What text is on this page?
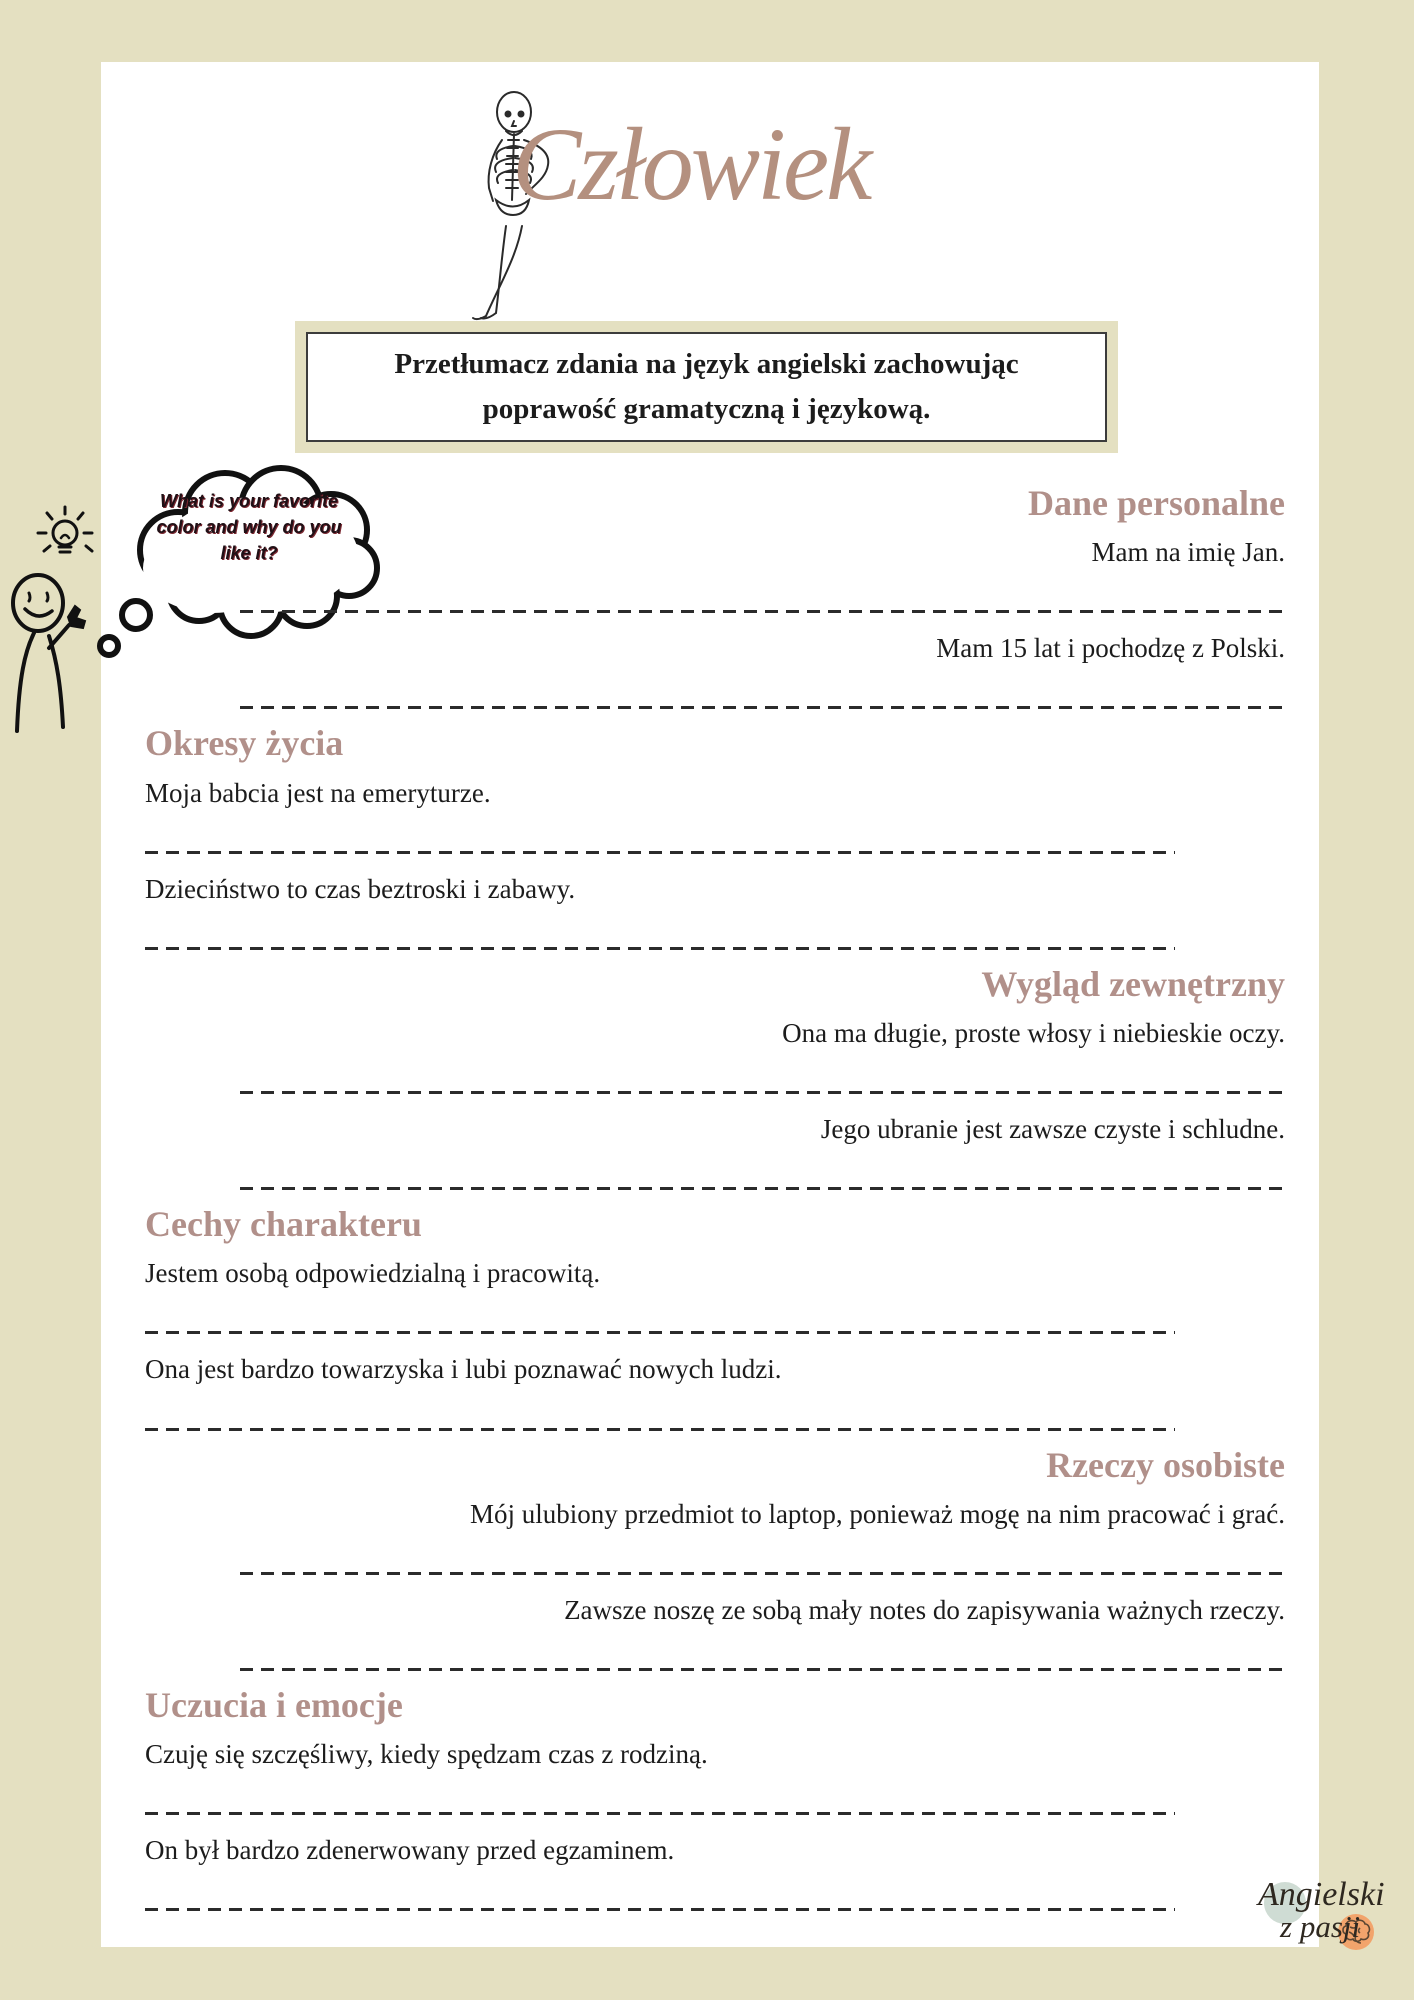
Człowiek
Przetłumacz zdania na język angielski zachowując poprawość gramatyczną i językową.
What is your favorite color and why do you like it?
Dane personalne

Mam na imię Jan.

Mam 15 lat i pochodzę z Polski.

Okresy życia

Moja babcia jest na emeryturze.

Dzieciństwo to czas beztroski i zabawy.

Wygląd zewnętrzny

Ona ma długie, proste włosy i niebieskie oczy.

Jego ubranie jest zawsze czyste i schludne.

Cechy charakteru

Jestem osobą odpowiedzialną i pracowitą.

Ona jest bardzo towarzyska i lubi poznawać nowych ludzi.

Rzeczy osobiste

Mój ulubiony przedmiot to laptop, ponieważ mogę na nim pracować i grać.

Zawsze noszę ze sobą mały notes do zapisywania ważnych rzeczy.

Uczucia i emocje

Czuję się szczęśliwy, kiedy spędzam czas z rodziną.

On był bardzo zdenerwowany przed egzaminem.

Angielski
z pasji
